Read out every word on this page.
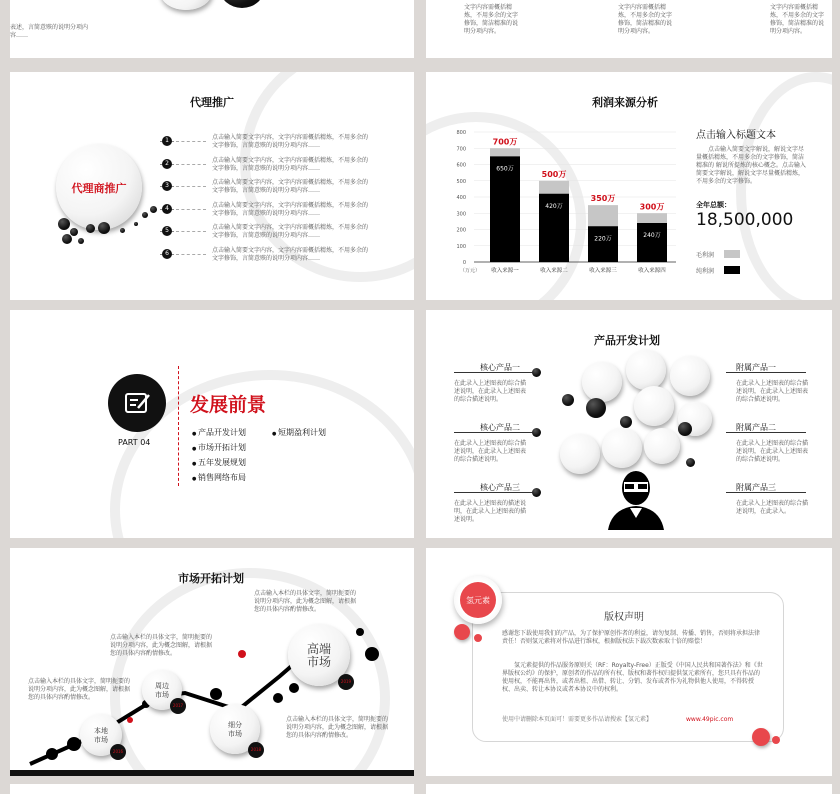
表述，言简意赅的说明分项内容……
文字内容需概括精炼，不用多余的文字修饰，简洁精准的说明分项内容。
文字内容需概括精炼，不用多余的文字修饰，简洁精准的说明分项内容。
文字内容需概括精炼，不用多余的文字修饰，简洁精准的说明分项内容。
代理推广
代理商推广
1	点击输入简要文字内容，文字内容需概括精炼，不用多余的文字修饰，言简意赅的说明分项内容……
2	点击输入简要文字内容，文字内容需概括精炼，不用多余的文字修饰，言简意赅的说明分项内容……
3	点击输入简要文字内容，文字内容需概括精炼，不用多余的文字修饰，言简意赅的说明分项内容……
4	点击输入简要文字内容，文字内容需概括精炼，不用多余的文字修饰，言简意赅的说明分项内容……
5	点击输入简要文字内容，文字内容需概括精炼，不用多余的文字修饰，言简意赅的说明分项内容……
6	点击输入简要文字内容，文字内容需概括精炼，不用多余的文字修饰，言简意赅的说明分项内容……
利润来源分析
0
100
200
300
400
500
600
700
800
700万
650万
收入来源一
500万
420万
收入来源二
350万
220万
收入来源三
300万
240万
收入来源四
（万元）
点击输入标题文本
点击输入简要文字解说，解说文字尽量概括精炼，不用多余的文字修饰，简洁精准的 解说所提炼的核心概念。点击输入简要文字解说，解说文字尽量概括精炼，不用多余的文字修饰。
全年总额：
18,500,000
毛利润
纯利润
PART 04
发展前景
● 产品开发计划
● 市场开拓计划
● 五年发展规划
● 销售网络布局
● 短期盈利计划
产品开发计划
核心产品一
在此录入上述图表的综合描述说明，在此录入上述图表的综合描述说明。
核心产品二
在此录入上述图表的综合描述说明，在此录入上述图表的综合描述说明。
核心产品三
在此录入上述图表的描述说明，在此录入上述图表的描述说明。
附属产品一
在此录入上述图表的综合描述说明，在此录入上述图表的综合描述说明。
附属产品二
在此录入上述图表的综合描述说明，在此录入上述图表的综合描述说明。
附属产品三
在此录入上述图表的综合描述说明，在此录入。
市场开拓计划
本地
市场
2016
周边
市场
2017
细分
市场
2018
高端
市场
2019
点击输入本栏的具体文字，简明扼要的说明分项内容，此为概念图解，请根据您的具体内容酌情修改。
点击输入本栏的具体文字，简明扼要的说明分项内容，此为概念图解，请根据您的具体内容酌情修改。
点击输入本栏的具体文字，简明扼要的说明分项内容，此为概念图解，请根据您的具体内容酌情修改。
点击输入本栏的具体文字，简明扼要的说明分项内容，此为概念图解，请根据您的具体内容酌情修改。
氢元素
版权声明
感谢您下载使用我们的产品，为了保护原创作者的利益，请勿复制、传播、销售，否则将承担法律责任！否则氢元素将对作品进行维权，根据版权法下载次数索取十倍的赔偿！
氢元素提供的作品服务原则关（RF：Royalty-Free）正版受《中国人民共和国著作法》和《世界版权公约》的保护，原创者的作品的所有权、版权和著作权归提供氢元素所有，您只具有作品的使用权，不能再出售，或者出租、出借、转让、分销、发布或者作为礼物供他人使用，不得转授权、出卖、转让本协议或者本协议中的权利。
使用中请删除本页面可！需要更多作品请搜索【氢元素】	www.49pic.com
